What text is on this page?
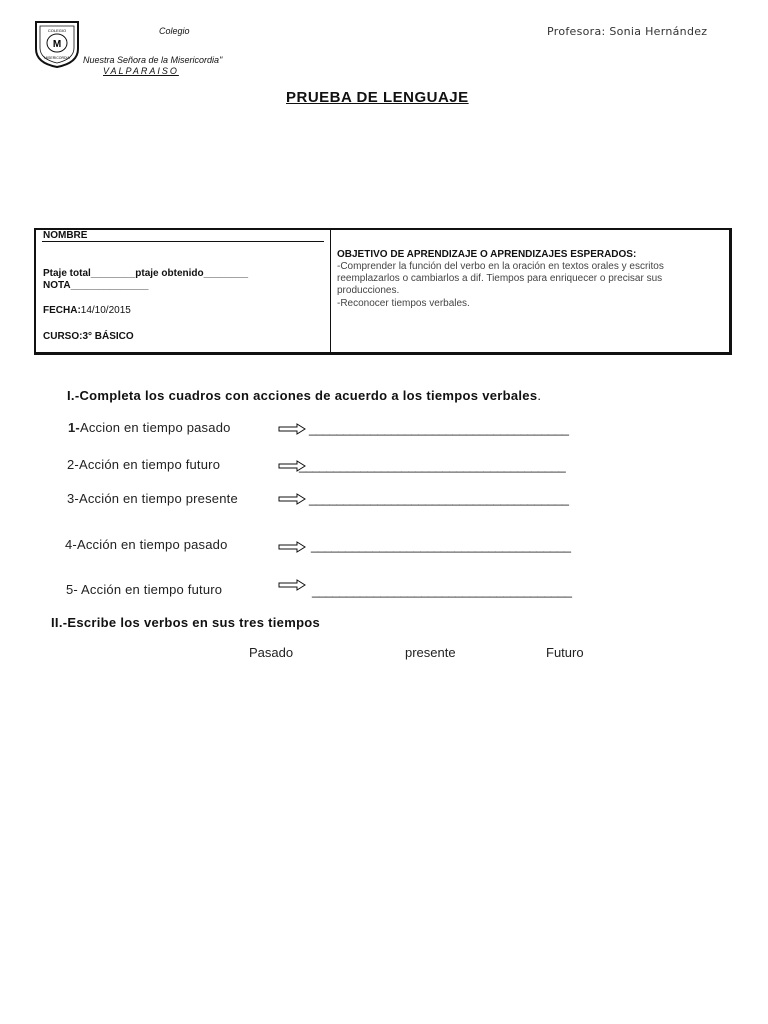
COLEGIO
M
MISERICORDIA
Colegio
Nuestra Señora de la Misericordia"
VALPARAISO
Profesora: Sonia Hernández
PRUEBA DE LENGUAJE
NOMBRE
Ptaje total________ptaje obtenido________
NOTA______________
FECHA:14/10/2015
CURSO:3° BÁSICO
OBJETIVO DE APRENDIZAJE O APRENDIZAJES ESPERADOS:
-Comprender la función del verbo en la oración en textos orales y escritos reemplazarlos o cambiarlos a dif. Tiempos para enriquecer o precisar sus producciones.
-Reconocer tiempos verbales.
I.-Completa los cuadros con acciones de acuerdo a los tiempos verbales.
1-Accion en tiempo pasado	______________________________________
2-Acción en tiempo futuro	_______________________________________
3-Acción en tiempo presente	______________________________________
4-Acción en tiempo pasado	______________________________________
5- Acción en tiempo futuro	______________________________________
II.-Escribe los verbos en sus tres tiempos
Pasado	presente	Futuro
